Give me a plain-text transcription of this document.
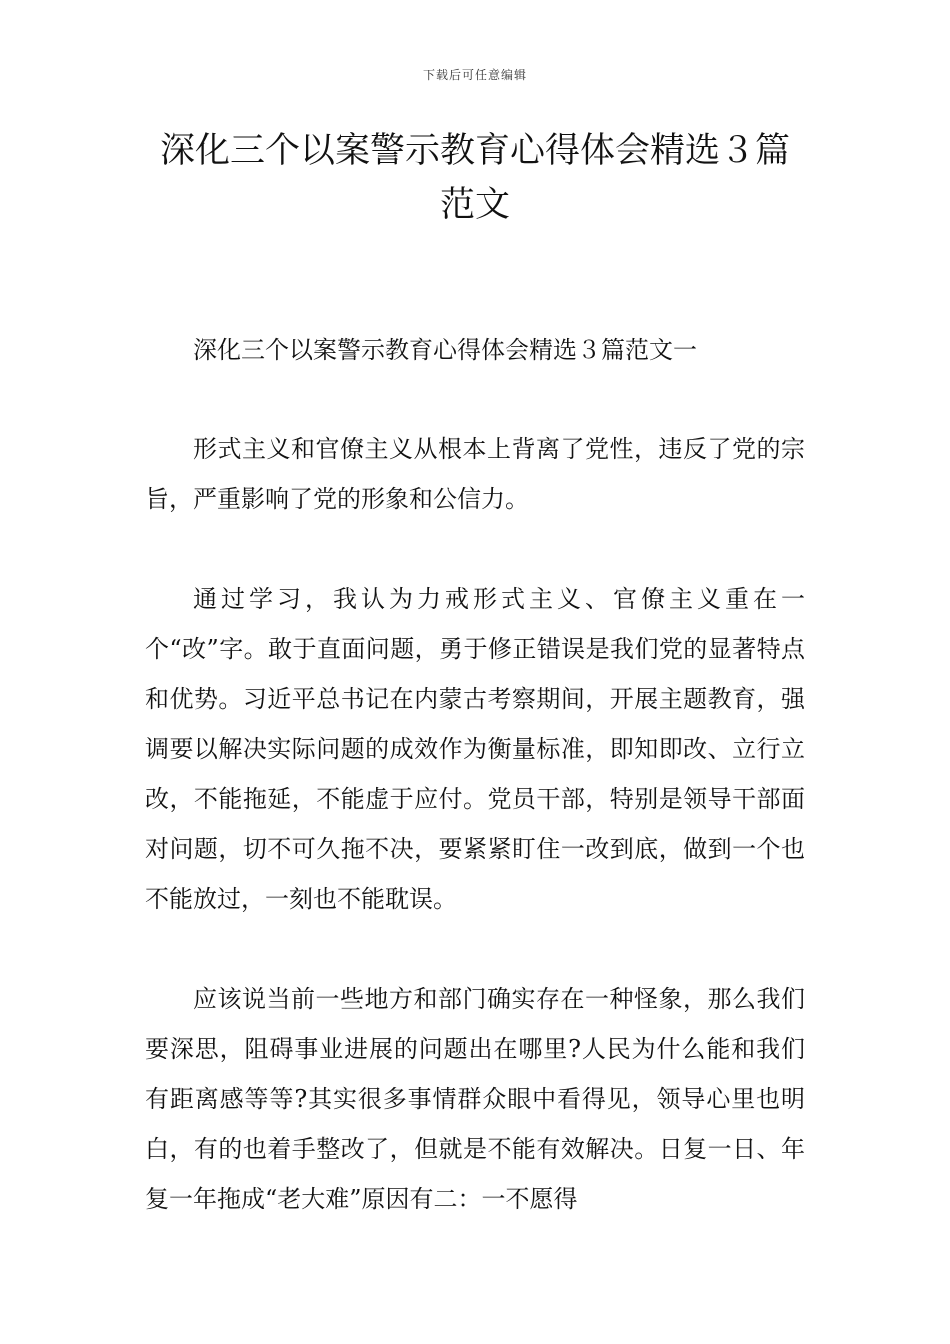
下载后可任意编辑
深化三个以案警示教育心得体会精选３篇范文

深化三个以案警示教育心得体会精选３篇范文一

形式主义和官僚主义从根本上背离了党性，违反了党的宗旨，严重影响了党的形象和公信力。

通过学习，我认为力戒形式主义、官僚主义重在一个“改”字。敢于直面问题，勇于修正错误是我们党的显著特点和优势。习近平总书记在内蒙古考察期间，开展主题教育，强调要以解决实际问题的成效作为衡量标准，即知即改、立行立改，不能拖延，不能虚于应付。党员干部，特别是领导干部面对问题，切不可久拖不决，要紧紧盯住一改到底，做到一个也不能放过，一刻也不能耽误。

应该说当前一些地方和部门确实存在一种怪象，那么我们要深思，阻碍事业进展的问题出在哪里?人民为什么能和我们有距离感等等?其实很多事情群众眼中看得见，领导心里也明白，有的也着手整改了，但就是不能有效解决。日复一日、年复一年拖成“老大难”原因有二：一不愿得
